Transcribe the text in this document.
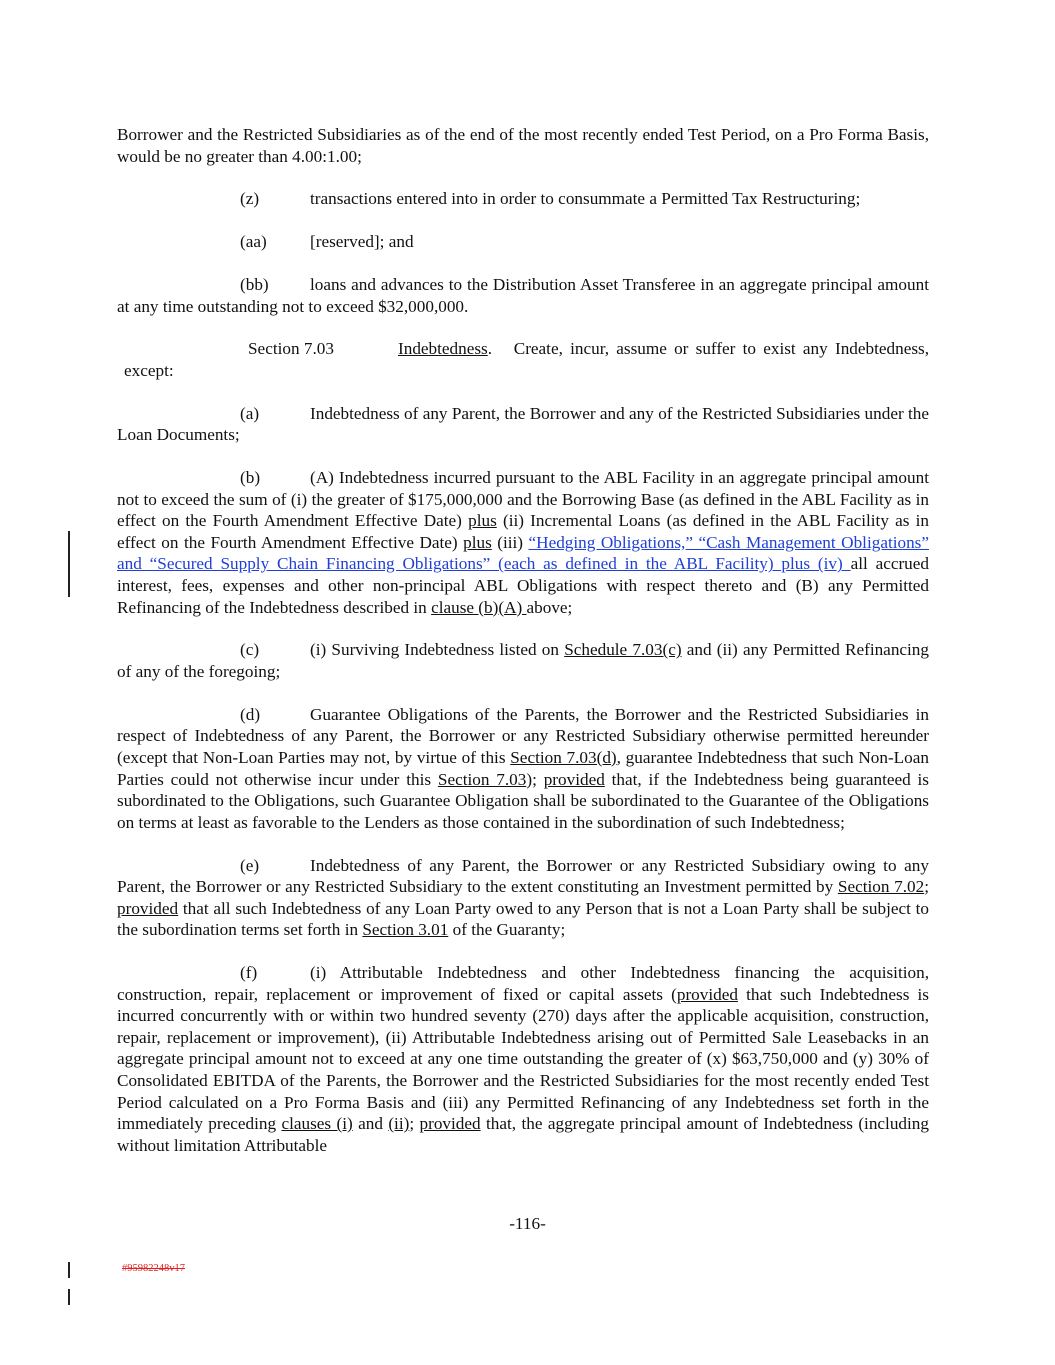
Borrower and the Restricted Subsidiaries as of the end of the most recently ended Test Period, on a Pro Forma Basis, would be no greater than 4.00:1.00;

(z)	transactions entered into in order to consummate a Permitted Tax Restructuring;

(aa)	[reserved]; and

(bb) loans and advances to the Distribution Asset Transferee in an aggregate principal amount at any time outstanding not to exceed $32,000,000.

Section 7.03	Indebtedness. Create, incur, assume or suffer to exist any Indebtedness, except:

(a)	Indebtedness of any Parent, the Borrower and any of the Restricted Subsidiaries under the Loan Documents;

(b)	(A) Indebtedness incurred pursuant to the ABL Facility in an aggregate principal amount not to exceed the sum of (i) the greater of $175,000,000 and the Borrowing Base (as defined in the ABL Facility as in effect on the Fourth Amendment Effective Date) plus (ii) Incremental Loans (as defined in the ABL Facility as in effect on the Fourth Amendment Effective Date) plus (iii) “Hedging Obligations,” “Cash Management Obligations” and “Secured Supply Chain Financing Obligations” (each as defined in the ABL Facility) plus (iv) all accrued interest, fees, expenses and other non-principal ABL Obligations with respect thereto and (B) any Permitted Refinancing of the Indebtedness described in clause (b)(A) above;

(c)	(i) Surviving Indebtedness listed on Schedule 7.03(c) and (ii) any Permitted Refinancing of any of the foregoing;

(d)	Guarantee Obligations of the Parents, the Borrower and the Restricted Subsidiaries in respect of Indebtedness of any Parent, the Borrower or any Restricted Subsidiary otherwise permitted hereunder (except that Non-Loan Parties may not, by virtue of this Section 7.03(d), guarantee Indebtedness that such Non-Loan Parties could not otherwise incur under this Section 7.03); provided that, if the Indebtedness being guaranteed is subordinated to the Obligations, such Guarantee Obligation shall be subordinated to the Guarantee of the Obligations on terms at least as favorable to the Lenders as those contained in the subordination of such Indebtedness;

(e)	Indebtedness of any Parent, the Borrower or any Restricted Subsidiary owing to any Parent, the Borrower or any Restricted Subsidiary to the extent constituting an Investment permitted by Section 7.02; provided that all such Indebtedness of any Loan Party owed to any Person that is not a Loan Party shall be subject to the subordination terms set forth in Section 3.01 of the Guaranty;

(f)	(i) Attributable Indebtedness and other Indebtedness financing the acquisition, construction, repair, replacement or improvement of fixed or capital assets (provided that such Indebtedness is incurred concurrently with or within two hundred seventy (270) days after the applicable acquisition, construction, repair, replacement or improvement), (ii) Attributable Indebtedness arising out of Permitted Sale Leasebacks in an aggregate principal amount not to exceed at any one time outstanding the greater of (x) $63,750,000 and (y) 30% of Consolidated EBITDA of the Parents, the Borrower and the Restricted Subsidiaries for the most recently ended Test Period calculated on a Pro Forma Basis and (iii) any Permitted Refinancing of any Indebtedness set forth in the immediately preceding clauses (i) and (ii); provided that, the aggregate principal amount of Indebtedness (including without limitation Attributable

-116-
#95982248v17
